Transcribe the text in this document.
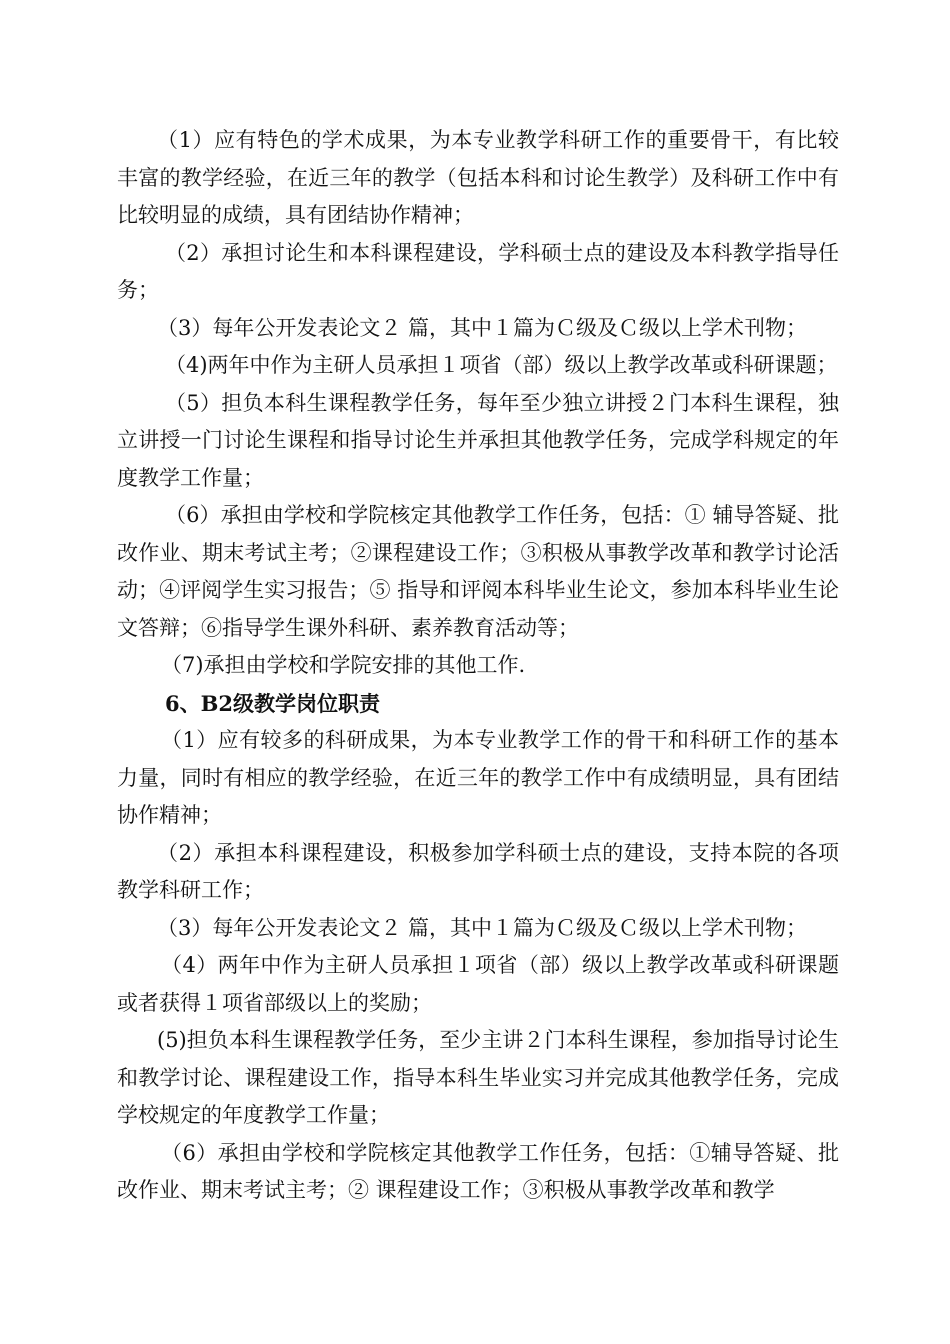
（1）应有特色的学术成果，为本专业教学科研工作的重要骨干，有比较丰富的教学经验，在近三年的教学（包括本科和讨论生教学）及科研工作中有比较明显的成绩，具有团结协作精神；

（2）承担讨论生和本科课程建设，学科硕士点的建设及本科教学指导任务；

（3）每年公开发表论文２ 篇，其中１篇为Ｃ级及Ｃ级以上学术刊物；

（4)两年中作为主研人员承担１项省（部）级以上教学改革或科研课题；

（5）担负本科生课程教学任务，每年至少独立讲授２门本科生课程，独立讲授一门讨论生课程和指导讨论生并承担其他教学任务，完成学科规定的年度教学工作量；

（6）承担由学校和学院核定其他教学工作任务，包括：① 辅导答疑、批改作业、期末考试主考；②课程建设工作；③积极从事教学改革和教学讨论活动；④评阅学生实习报告；⑤ 指导和评阅本科毕业生论文，参加本科毕业生论文答辩；⑥指导学生课外科研、素养教育活动等；

（7)承担由学校和学院安排的其他工作.

6、B2级教学岗位职责

（1）应有较多的科研成果，为本专业教学工作的骨干和科研工作的基本力量，同时有相应的教学经验，在近三年的教学工作中有成绩明显，具有团结协作精神；

（2）承担本科课程建设，积极参加学科硕士点的建设，支持本院的各项教学科研工作；

（3）每年公开发表论文２ 篇，其中１篇为Ｃ级及Ｃ级以上学术刊物；

（4）两年中作为主研人员承担１项省（部）级以上教学改革或科研课题或者获得１项省部级以上的奖励；

(5)担负本科生课程教学任务，至少主讲２门本科生课程，参加指导讨论生和教学讨论、课程建设工作，指导本科生毕业实习并完成其他教学任务，完成学校规定的年度教学工作量；

（6）承担由学校和学院核定其他教学工作任务，包括：①辅导答疑、批改作业、期末考试主考；② 课程建设工作；③积极从事教学改革和教学
